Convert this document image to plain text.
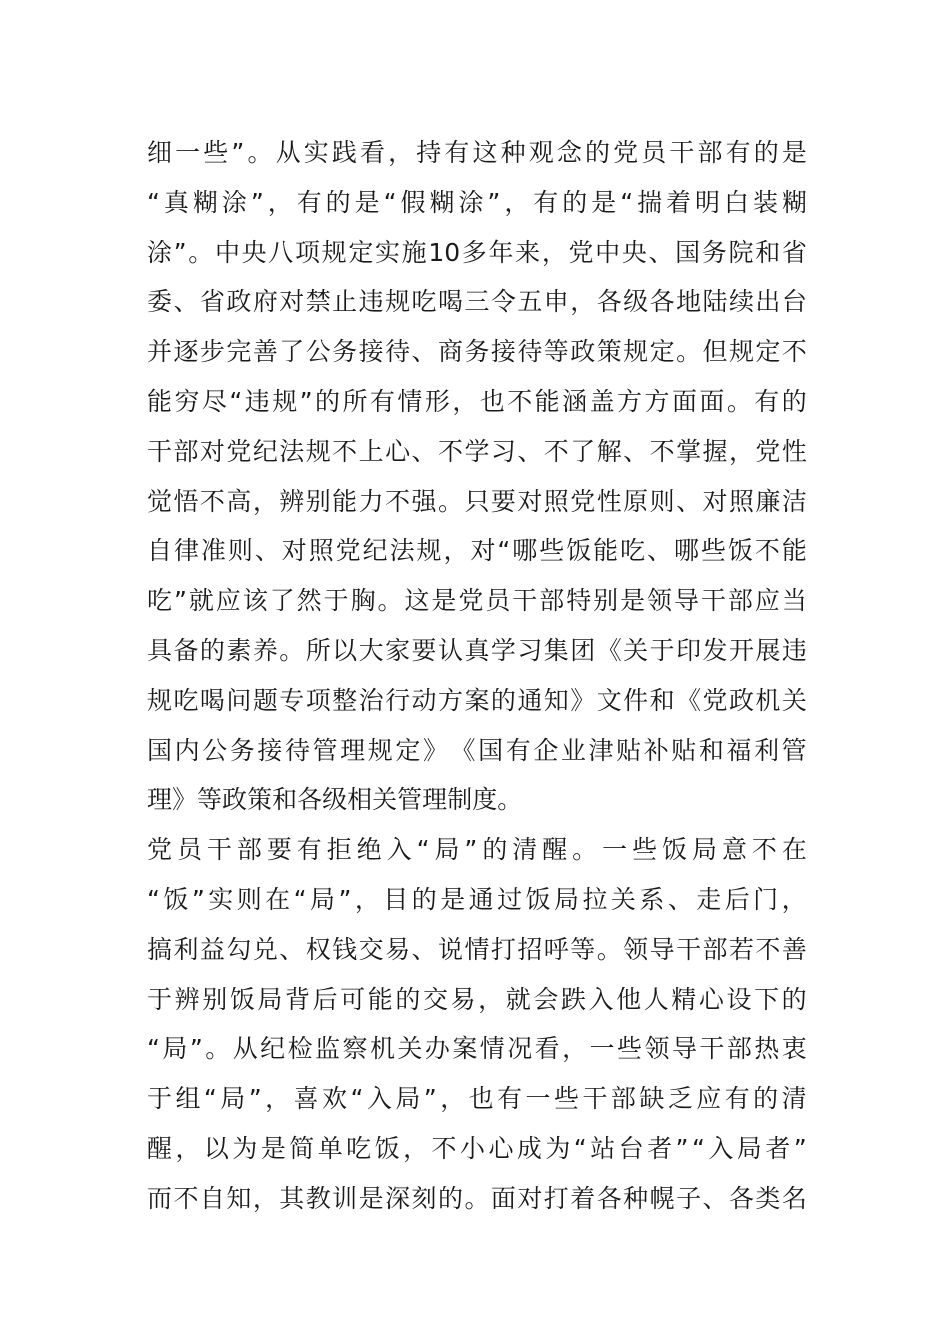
细 一 些 ” 。 从 实 践 看 ， 持 有 这 种 观 念 的 党 员 干 部 有 的 是
“ 真 糊 涂 ” ， 有 的 是 “ 假 糊 涂 ” ， 有 的 是 “ 揣 着 明 白 装 糊
涂 ” 。 中 央 八 项 规 定 实 施 10 多 年 来 ， 党 中 央 、 国 务 院 和 省
委 、 省 政 府 对 禁 止 违 规 吃 喝 三 令 五 申 ， 各 级 各 地 陆 续 出 台
并 逐 步 完 善 了 公 务 接 待 、 商 务 接 待 等 政 策 规 定 。 但 规 定 不
能 穷 尽 “ 违 规 ” 的 所 有 情 形 ， 也 不 能 涵 盖 方 方 面 面 。 有 的
干 部 对 党 纪 法 规 不 上 心 、 不 学 习 、 不 了 解 、 不 掌 握 ， 党 性
觉 悟 不 高 ， 辨 别 能 力 不 强 。 只 要 对 照 党 性 原 则 、 对 照 廉 洁
自 律 准 则 、 对 照 党 纪 法 规 ， 对 “ 哪 些 饭 能 吃 、 哪 些 饭 不 能
吃 ” 就 应 该 了 然 于 胸 。 这 是 党 员 干 部 特 别 是 领 导 干 部 应 当
具 备 的 素 养 。 所 以 大 家 要 认 真 学 习 集 团 《 关 于 印 发 开 展 违
规 吃 喝 问 题 专 项 整 治 行 动 方 案 的 通 知 》 文 件 和 《 党 政 机 关
国 内 公 务 接 待 管 理 规 定 》 《 国 有 企 业 津 贴 补 贴 和 福 利 管
理 》 等 政 策 和 各 级 相 关 管 理 制 度 。
党 员 干 部 要 有 拒 绝 入 “ 局 ” 的 清 醒 。 一 些 饭 局 意 不 在
“ 饭 ” 实 则 在 “ 局 ” ， 目 的 是 通 过 饭 局 拉 关 系 、 走 后 门 ，
搞 利 益 勾 兑 、 权 钱 交 易 、 说 情 打 招 呼 等 。 领 导 干 部 若 不 善
于 辨 别 饭 局 背 后 可 能 的 交 易 ， 就 会 跌 入 他 人 精 心 设 下 的
“ 局 ” 。 从 纪 检 监 察 机 关 办 案 情 况 看 ， 一 些 领 导 干 部 热 衷
于 组 “ 局 ” ， 喜 欢 “ 入 局 ” ， 也 有 一 些 干 部 缺 乏 应 有 的 清
醒 ， 以 为 是 简 单 吃 饭 ， 不 小 心 成 为 “ 站 台 者 ” “ 入 局 者 ”
而 不 自 知 ， 其 教 训 是 深 刻 的 。 面 对 打 着 各 种 幌 子 、 各 类 名
